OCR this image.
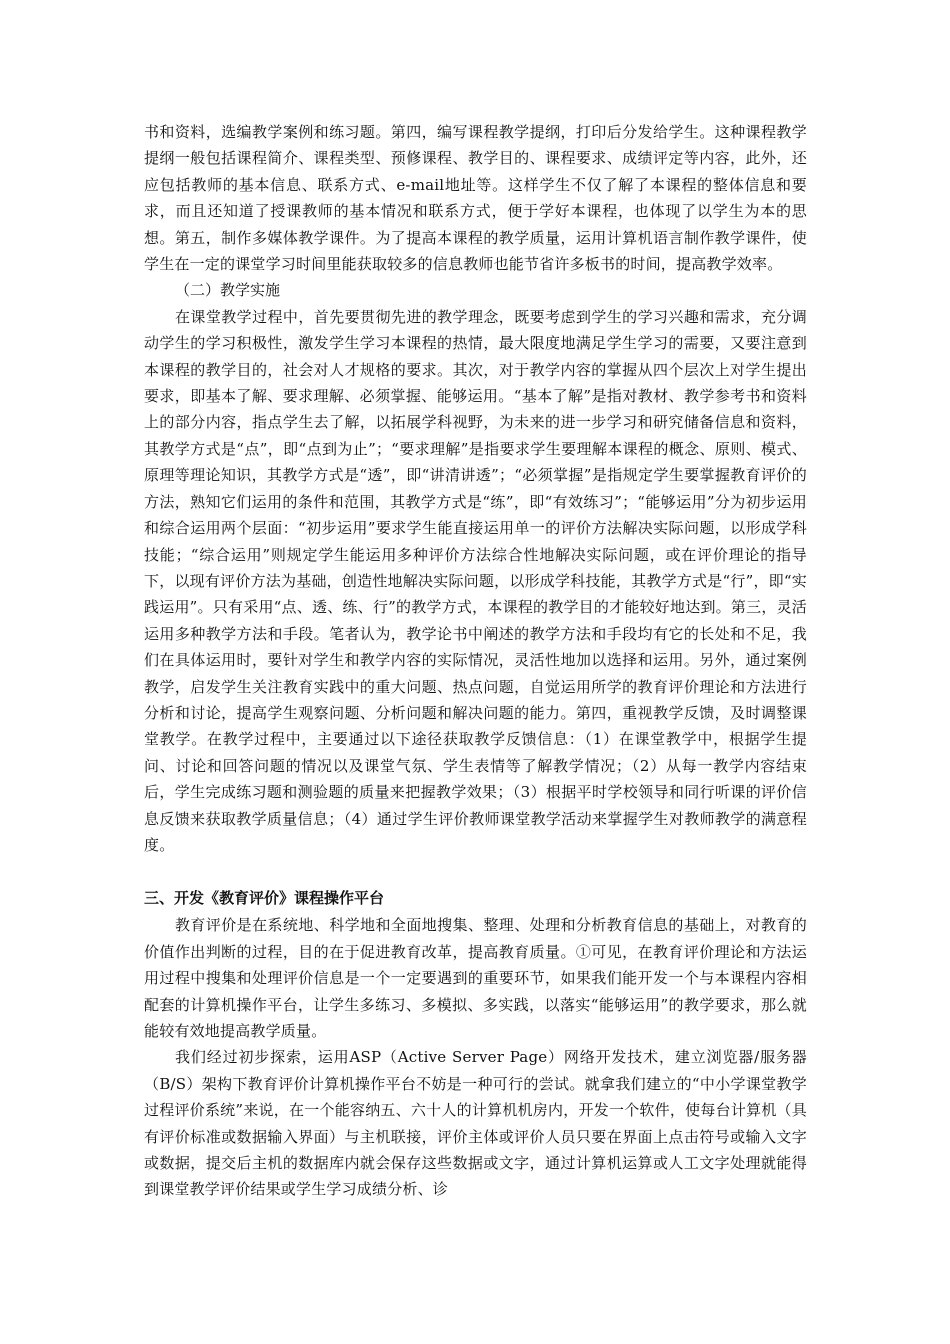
书和资料，选编教学案例和练习题。第四，编写课程教学提纲，打印后分发给学生。这种课程教学提纲一般包括课程简介、课程类型、预修课程、教学目的、课程要求、成绩评定等内容，此外，还应包括教师的基本信息、联系方式、e-mail地址等。这样学生不仅了解了本课程的整体信息和要求，而且还知道了授课教师的基本情况和联系方式，便于学好本课程，也体现了以学生为本的思想。第五，制作多媒体教学课件。为了提高本课程的教学质量，运用计算机语言制作教学课件，使学生在一定的课堂学习时间里能获取较多的信息教师也能节省许多板书的时间，提高教学效率。

（二）教学实施

在课堂教学过程中，首先要贯彻先进的教学理念，既要考虑到学生的学习兴趣和需求，充分调动学生的学习积极性，激发学生学习本课程的热情，最大限度地满足学生学习的需要，又要注意到本课程的教学目的，社会对人才规格的要求。其次，对于教学内容的掌握从四个层次上对学生提出要求，即基本了解、要求理解、必须掌握、能够运用。“基本了解”是指对教材、教学参考书和资料上的部分内容，指点学生去了解，以拓展学科视野，为未来的进一步学习和研究储备信息和资料，其教学方式是“点”，即“点到为止”；“要求理解”是指要求学生要理解本课程的概念、原则、模式、原理等理论知识，其教学方式是“透”，即“讲清讲透”；“必须掌握”是指规定学生要掌握教育评价的方法，熟知它们运用的条件和范围，其教学方式是“练”，即“有效练习”；“能够运用”分为初步运用和综合运用两个层面：“初步运用”要求学生能直接运用单一的评价方法解决实际问题，以形成学科技能；“综合运用”则规定学生能运用多种评价方法综合性地解决实际问题，或在评价理论的指导下，以现有评价方法为基础，创造性地解决实际问题，以形成学科技能，其教学方式是“行”，即“实践运用”。只有采用“点、透、练、行”的教学方式，本课程的教学目的才能较好地达到。第三，灵活运用多种教学方法和手段。笔者认为，教学论书中阐述的教学方法和手段均有它的长处和不足，我们在具体运用时，要针对学生和教学内容的实际情况，灵活性地加以选择和运用。另外，通过案例教学，启发学生关注教育实践中的重大问题、热点问题，自觉运用所学的教育评价理论和方法进行分析和讨论，提高学生观察问题、分析问题和解决问题的能力。第四，重视教学反馈，及时调整课堂教学。在教学过程中，主要通过以下途径获取教学反馈信息：（1）在课堂教学中，根据学生提问、讨论和回答问题的情况以及课堂气氛、学生表情等了解教学情况；（2）从每一教学内容结束后，学生完成练习题和测验题的质量来把握教学效果；（3）根据平时学校领导和同行听课的评价信息反馈来获取教学质量信息；（4）通过学生评价教师课堂教学活动来掌握学生对教师教学的满意程度。

三、开发《教育评价》课程操作平台

教育评价是在系统地、科学地和全面地搜集、整理、处理和分析教育信息的基础上，对教育的价值作出判断的过程，目的在于促进教育改革，提高教育质量。①可见，在教育评价理论和方法运用过程中搜集和处理评价信息是一个一定要遇到的重要环节，如果我们能开发一个与本课程内容相配套的计算机操作平台，让学生多练习、多模拟、多实践，以落实“能够运用”的教学要求，那么就能较有效地提高教学质量。

我们经过初步探索，运用ASP（Active Server Page）网络开发技术，建立浏览器/服务器（B/S）架构下教育评价计算机操作平台不妨是一种可行的尝试。就拿我们建立的“中小学课堂教学过程评价系统”来说，在一个能容纳五、六十人的计算机机房内，开发一个软件，使每台计算机（具有评价标准或数据输入界面）与主机联接，评价主体或评价人员只要在界面上点击符号或输入文字或数据，提交后主机的数据库内就会保存这些数据或文字，通过计算机运算或人工文字处理就能得到课堂教学评价结果或学生学习成绩分析、诊
